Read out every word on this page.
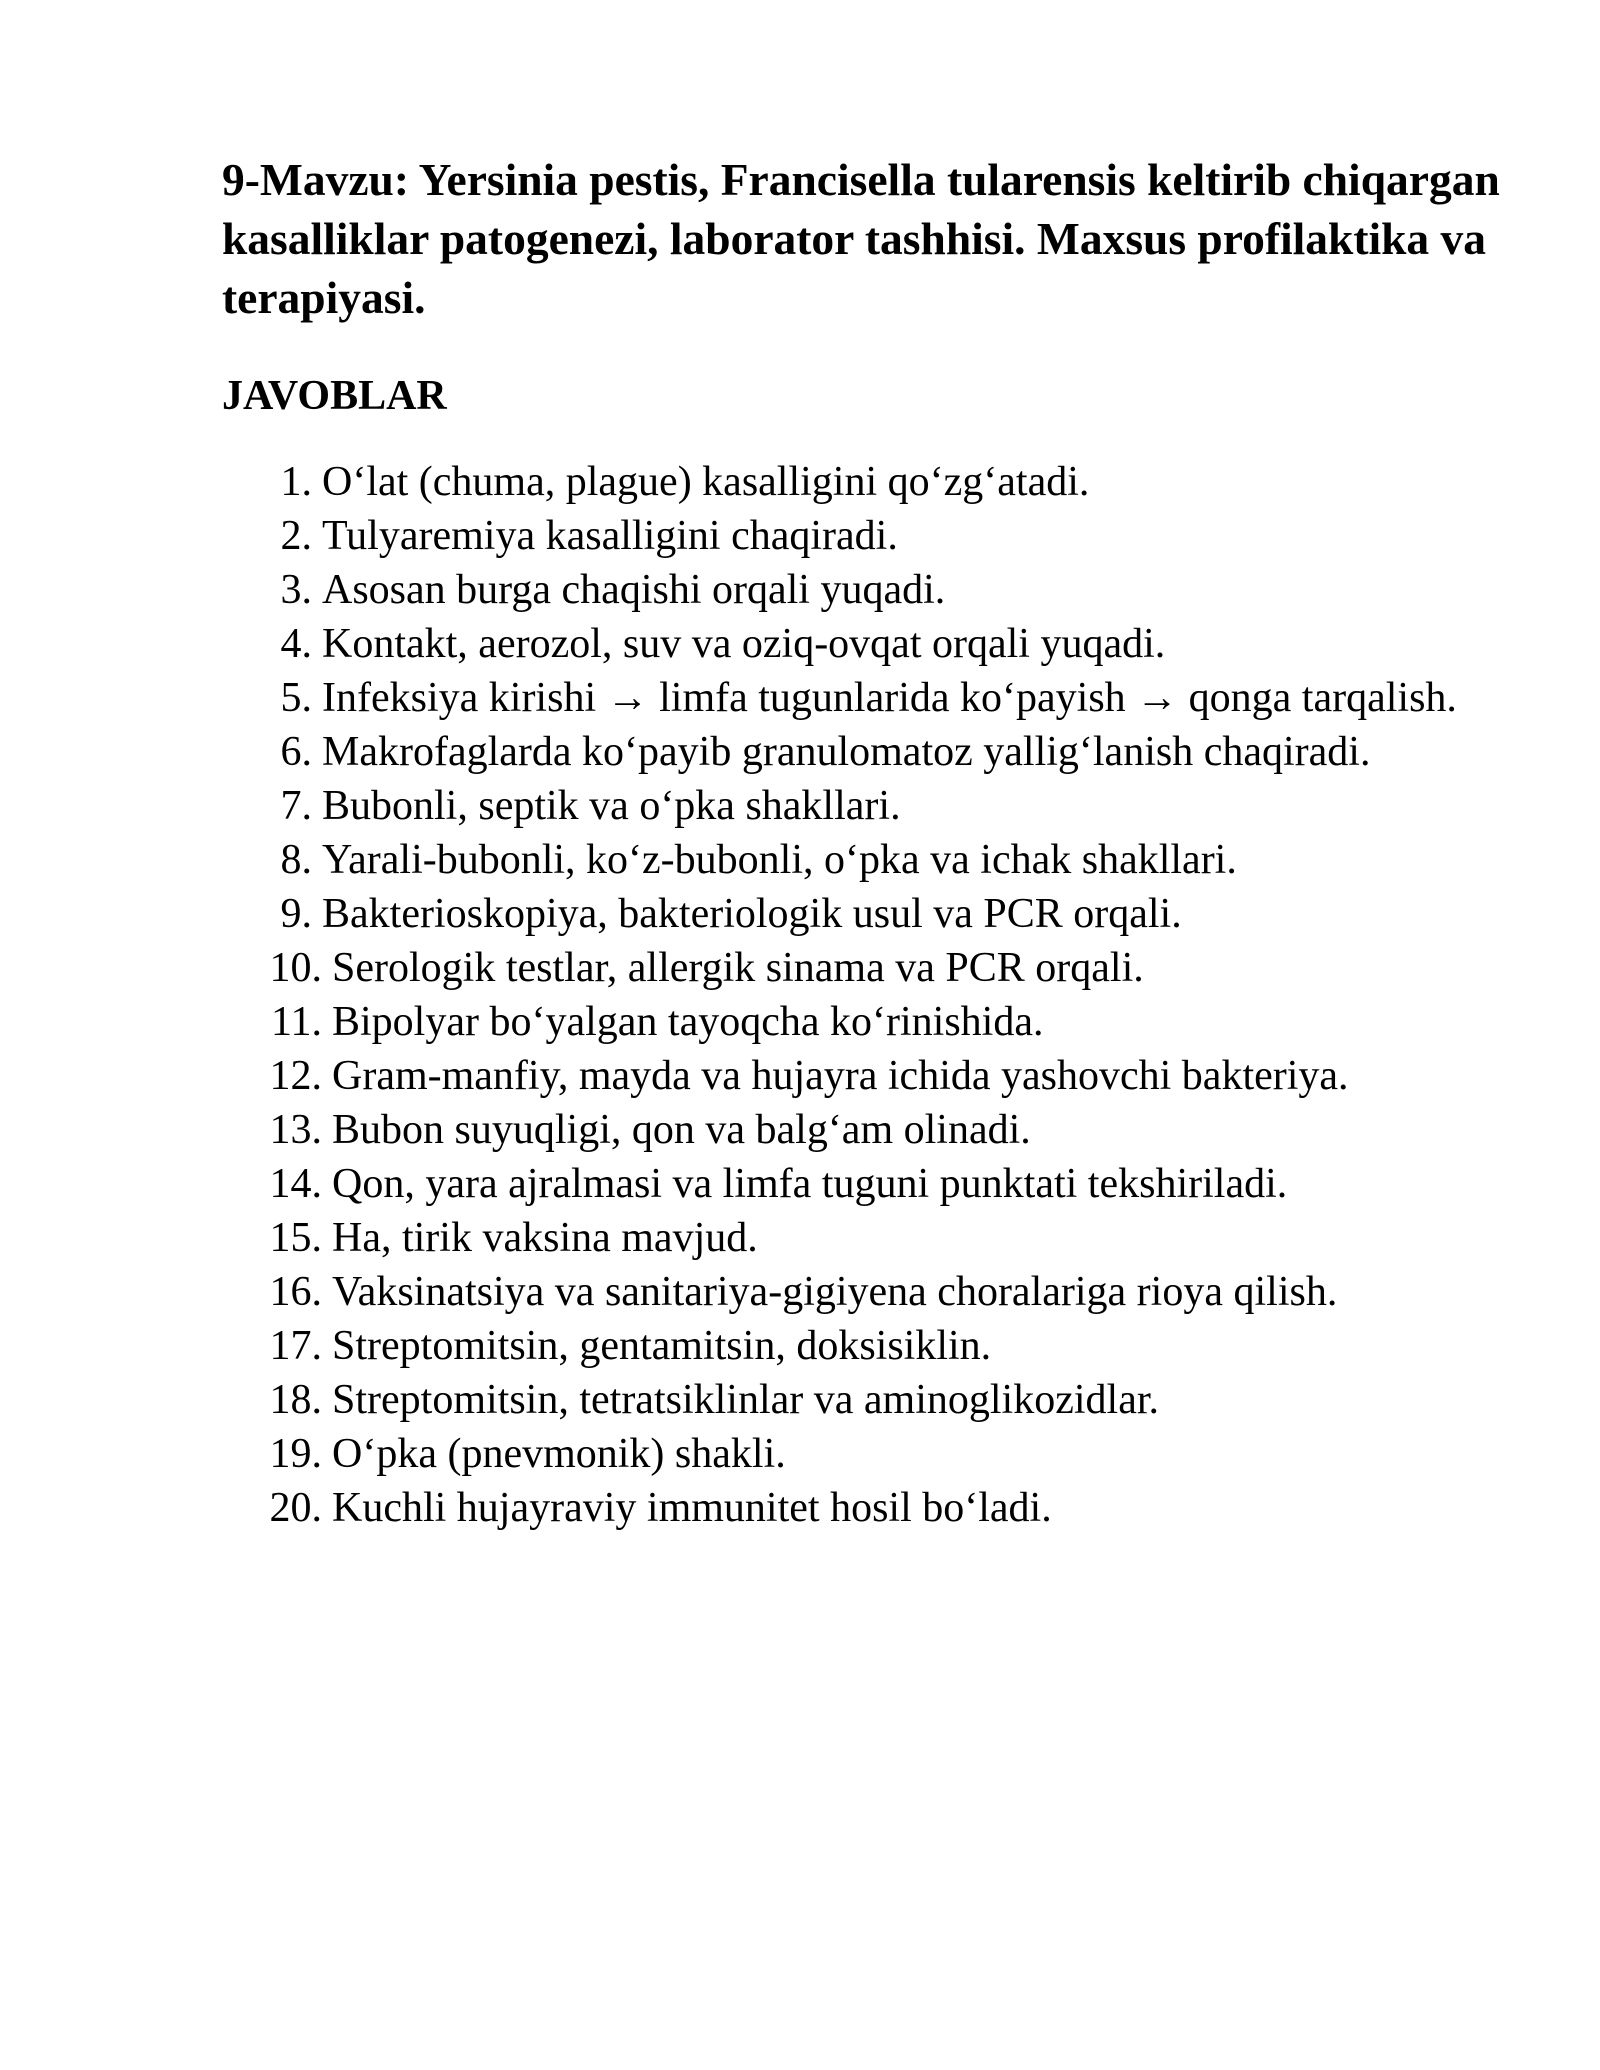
9-Mavzu: Yersinia pestis, Francisella tularensis keltirib chiqargan kasalliklar patogenezi, laborator tashhisi. Maxsus profilaktika va terapiyasi.
JAVOBLAR
1. O‘lat (chuma, plague) kasalligini qo‘zg‘atadi.
2. Tulyaremiya kasalligini chaqiradi.
3. Asosan burga chaqishi orqali yuqadi.
4. Kontakt, aerozol, suv va oziq-ovqat orqali yuqadi.
5. Infeksiya kirishi → limfa tugunlarida ko‘payish → qonga tarqalish.
6. Makrofaglarda ko‘payib granulomatoz yallig‘lanish chaqiradi.
7. Bubonli, septik va o‘pka shakllari.
8. Yarali-bubonli, ko‘z-bubonli, o‘pka va ichak shakllari.
9. Bakterioskopiya, bakteriologik usul va PCR orqali.
10. Serologik testlar, allergik sinama va PCR orqali.
11. Bipolyar bo‘yalgan tayoqcha ko‘rinishida.
12. Gram-manfiy, mayda va hujayra ichida yashovchi bakteriya.
13. Bubon suyuqligi, qon va balg‘am olinadi.
14. Qon, yara ajralmasi va limfa tuguni punktati tekshiriladi.
15. Ha, tirik vaksina mavjud.
16. Vaksinatsiya va sanitariya-gigiyena choralariga rioya qilish.
17. Streptomitsin, gentamitsin, doksisiklin.
18. Streptomitsin, tetratsiklinlar va aminoglikozidlar.
19. O‘pka (pnevmonik) shakli.
20. Kuchli hujayraviy immunitet hosil bo‘ladi.
